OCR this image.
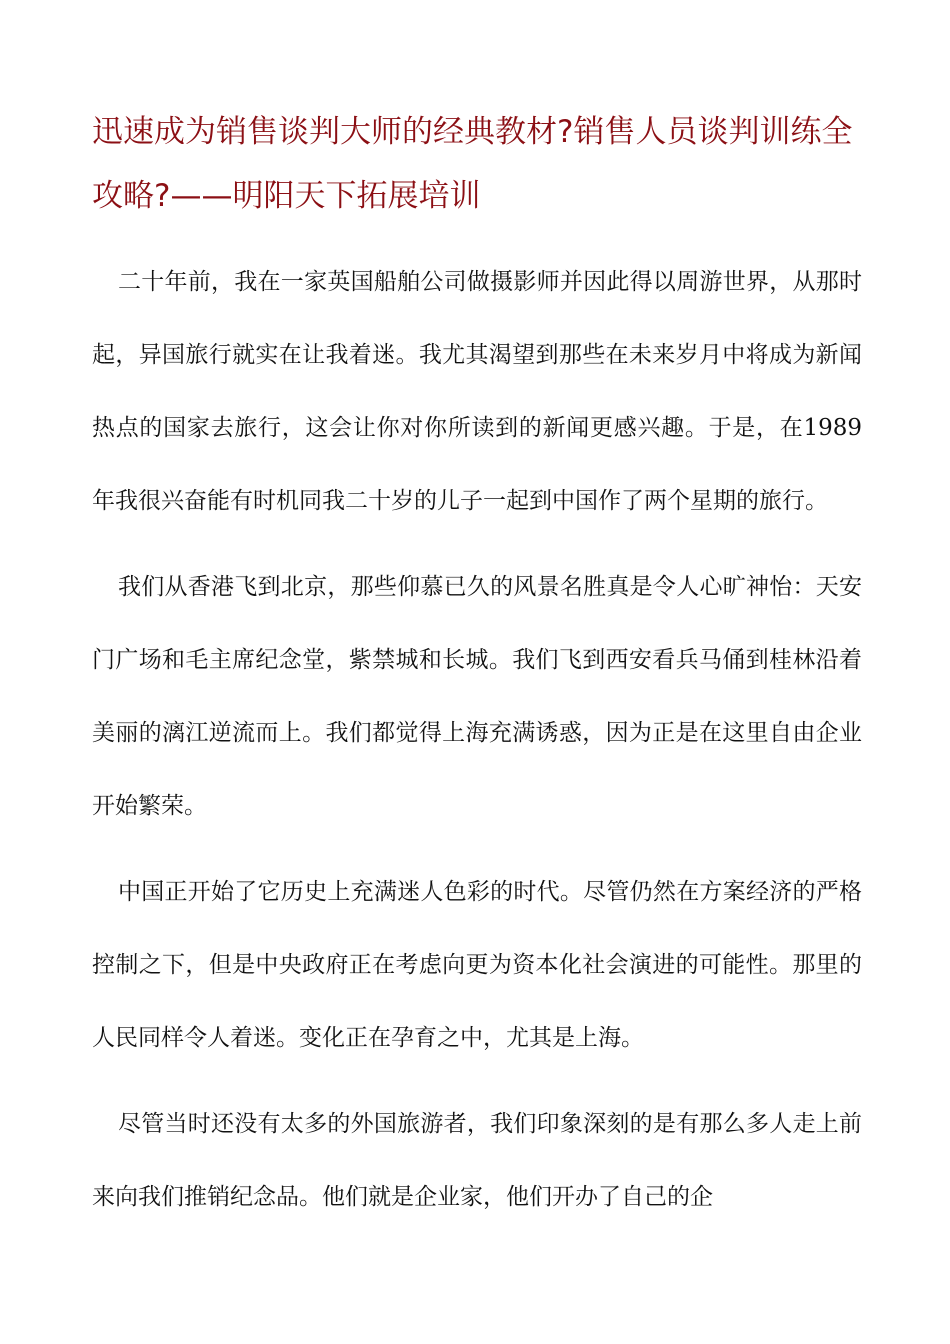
迅速成为销售谈判大师的经典教材?销售人员谈判训练全攻略?——明阳天下拓展培训

二十年前，我在一家英国船舶公司做摄影师并因此得以周游世界，从那时起，异国旅行就实在让我着迷。我尤其渴望到那些在未来岁月中将成为新闻热点的国家去旅行，这会让你对你所读到的新闻更感兴趣。于是，在1989年我很兴奋能有时机同我二十岁的儿子一起到中国作了两个星期的旅行。

我们从香港飞到北京，那些仰慕已久的风景名胜真是令人心旷神怡：天安门广场和毛主席纪念堂，紫禁城和长城。我们飞到西安看兵马俑到桂林沿着美丽的漓江逆流而上。我们都觉得上海充满诱惑，因为正是在这里自由企业开始繁荣。

中国正开始了它历史上充满迷人色彩的时代。尽管仍然在方案经济的严格控制之下，但是中央政府正在考虑向更为资本化社会演进的可能性。那里的人民同样令人着迷。变化正在孕育之中，尤其是上海。

尽管当时还没有太多的外国旅游者，我们印象深刻的是有那么多人走上前来向我们推销纪念品。他们就是企业家，他们开办了自己的企
